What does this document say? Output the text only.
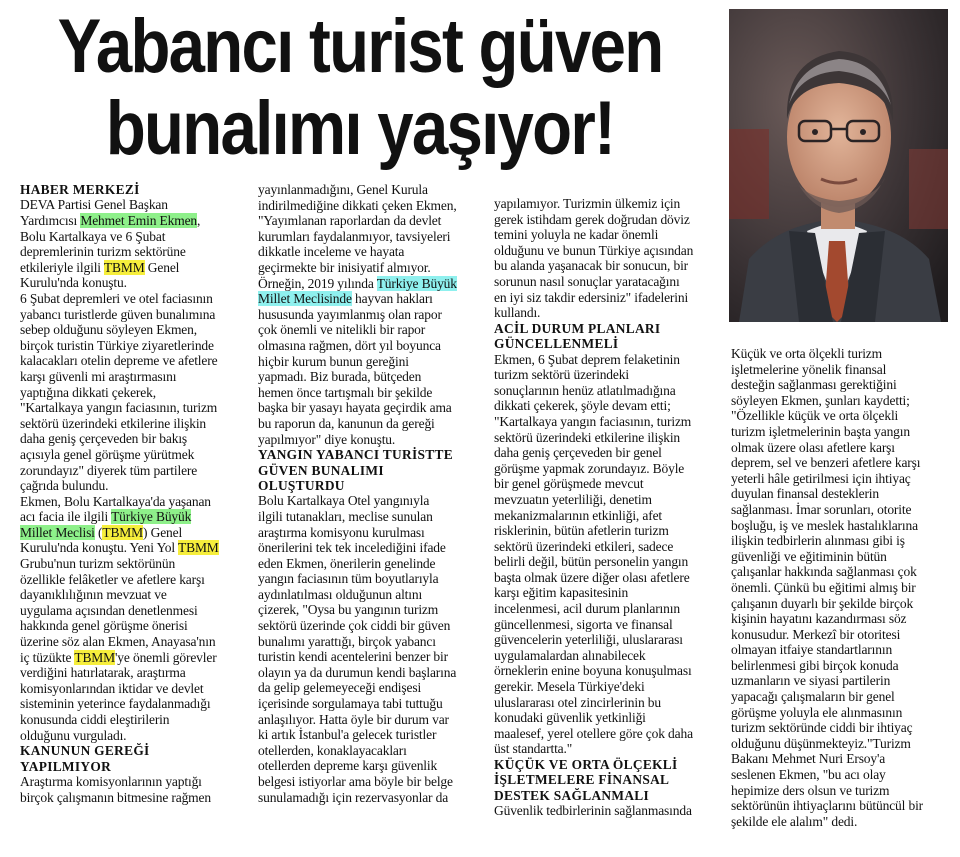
Yabancı turist güven
bunalımı yaşıyor!

HABER MERKEZİ

DEVA Partisi Genel Başkan
Yardımcısı Mehmet Emin Ekmen,
Bolu Kartalkaya ve 6 Şubat
depremlerinin turizm sektörüne
etkileriyle ilgili TBMM Genel
Kurulu'nda konuştu.

6 Şubat depremleri ve otel faciasının
yabancı turistlerde güven bunalımına
sebep olduğunu söyleyen Ekmen,
birçok turistin Türkiye ziyaretlerinde
kalacakları otelin depreme ve afetlere
karşı güvenli mi araştırmasını
yaptığına dikkati çekerek,
"Kartalkaya yangın faciasının, turizm
sektörü üzerindeki etkilerine ilişkin
daha geniş çerçeveden bir bakış
açısıyla genel görüşme yürütmek
zorundayız" diyerek tüm partilere
çağrıda bulundu.

Ekmen, Bolu Kartalkaya'da yaşanan
acı facia ile ilgili Türkiye Büyük
Millet Meclisi (TBMM) Genel
Kurulu'nda konuştu. Yeni Yol TBMM
Grubu'nun turizm sektörünün
özellikle felâketler ve afetlere karşı
dayanıklılığının mevzuat ve
uygulama açısından denetlenmesi
hakkında genel görüşme önerisi
üzerine söz alan Ekmen, Anayasa'nın
iç tüzükte TBMM'ye önemli görevler
verdiğini hatırlatarak, araştırma
komisyonlarından iktidar ve devlet
sisteminin yeterince faydalanmadığı
konusunda ciddi eleştirilerin
olduğunu vurguladı.

KANUNUN GEREĞİ
YAPILMIYOR

Araştırma komisyonlarının yaptığı
birçok çalışmanın bitmesine rağmen

yayınlanmadığını, Genel Kurula
indirilmediğine dikkati çeken Ekmen,
"Yayımlanan raporlardan da devlet
kurumları faydalanmıyor, tavsiyeleri
dikkatle inceleme ve hayata
geçirmekte bir inisiyatif almıyor.

Örneğin, 2019 yılında Türkiye Büyük
Millet Meclisinde hayvan hakları
hususunda yayımlanmış olan rapor
çok önemli ve nitelikli bir rapor
olmasına rağmen, dört yıl boyunca
hiçbir kurum bunun gereğini
yapmadı. Biz burada, bütçeden
hemen önce tartışmalı bir şekilde
başka bir yasayı hayata geçirdik ama
bu raporun da, kanunun da gereği
yapılmıyor" diye konuştu.

YANGIN YABANCI TURİSTTE
GÜVEN BUNALIMI
OLUŞTURDU

Bolu Kartalkaya Otel yangınıyla
ilgili tutanakları, meclise sunulan
araştırma komisyonu kurulması
önerilerini tek tek incelediğini ifade
eden Ekmen, önerilerin genelinde
yangın faciasının tüm boyutlarıyla
aydınlatılması olduğunun altını
çizerek, "Oysa bu yangının turizm
sektörü üzerinde çok ciddi bir güven
bunalımı yarattığı, birçok yabancı
turistin kendi acentelerini benzer bir
olayın ya da durumun kendi başlarına
da gelip gelemeyeceği endişesi
içerisinde sorgulamaya tabi tuttuğu
anlaşılıyor. Hatta öyle bir durum var
ki artık İstanbul'a gelecek turistler
otellerden, konaklayacakları
otellerden depreme karşı güvenlik
belgesi istiyorlar ama böyle bir belge
sunulamadığı için rezervasyonlar da

yapılamıyor. Turizmin ülkemiz için
gerek istihdam gerek doğrudan döviz
temini yoluyla ne kadar önemli
olduğunu ve bunun Türkiye açısından
bu alanda yaşanacak bir sonucun, bir
sorunun nasıl sonuçlar yaratacağını
en iyi siz takdir edersiniz" ifadelerini
kullandı.

ACİL DURUM PLANLARI
GÜNCELLENMELİ

Ekmen, 6 Şubat deprem felaketinin
turizm sektörü üzerindeki
sonuçlarının henüz atlatılmadığına
dikkati çekerek, şöyle devam etti;
"Kartalkaya yangın faciasının, turizm
sektörü üzerindeki etkilerine ilişkin
daha geniş çerçeveden bir genel
görüşme yapmak zorundayız. Böyle
bir genel görüşmede mevcut
mevzuatın yeterliliği, denetim
mekanizmalarının etkinliği, afet
risklerinin, bütün afetlerin turizm
sektörü üzerindeki etkileri, sadece
belirli değil, bütün personelin yangın
başta olmak üzere diğer olası afetlere
karşı eğitim kapasitesinin
incelenmesi, acil durum planlarının
güncellenmesi, sigorta ve finansal
güvencelerin yeterliliği, uluslararası
uygulamalardan alınabilecek
örneklerin enine boyuna konuşulması
gerekir. Mesela Türkiye'deki
uluslararası otel zincirlerinin bu
konudaki güvenlik yetkinliği
maalesef, yerel otellere göre çok daha
üst standartta."

KÜÇÜK VE ORTA ÖLÇEKLİ
İŞLETMELERE FİNANSAL
DESTEK SAĞLANMALI

Güvenlik tedbirlerinin sağlanmasında

Küçük ve orta ölçekli turizm
işletmelerine yönelik finansal
desteğin sağlanması gerektiğini
söyleyen Ekmen, şunları kaydetti;
"Özellikle küçük ve orta ölçekli
turizm işletmelerinin başta yangın
olmak üzere olası afetlere karşı
deprem, sel ve benzeri afetlere karşı
yeterli hâle getirilmesi için ihtiyaç
duyulan finansal desteklerin
sağlanması. İmar sorunları, otorite
boşluğu, iş ve meslek hastalıklarına
ilişkin tedbirlerin alınması gibi iş
güvenliği ve eğitiminin bütün
çalışanlar hakkında sağlanması çok
önemli. Çünkü bu eğitimi almış bir
çalışanın duyarlı bir şekilde birçok
kişinin hayatını kazandırması söz
konusudur. Merkezî bir otoritesi
olmayan itfaiye standartlarının
belirlenmesi gibi birçok konuda
uzmanların ve siyasi partilerin
yapacağı çalışmaların bir genel
görüşme yoluyla ele alınmasının
turizm sektöründe ciddi bir ihtiyaç
olduğunu düşünmekteyiz."Turizm
Bakanı Mehmet Nuri Ersoy'a
seslenen Ekmen, "bu acı olay
hepimize ders olsun ve turizm
sektörünün ihtiyaçlarını bütüncül bir
şekilde ele alalım" dedi.
